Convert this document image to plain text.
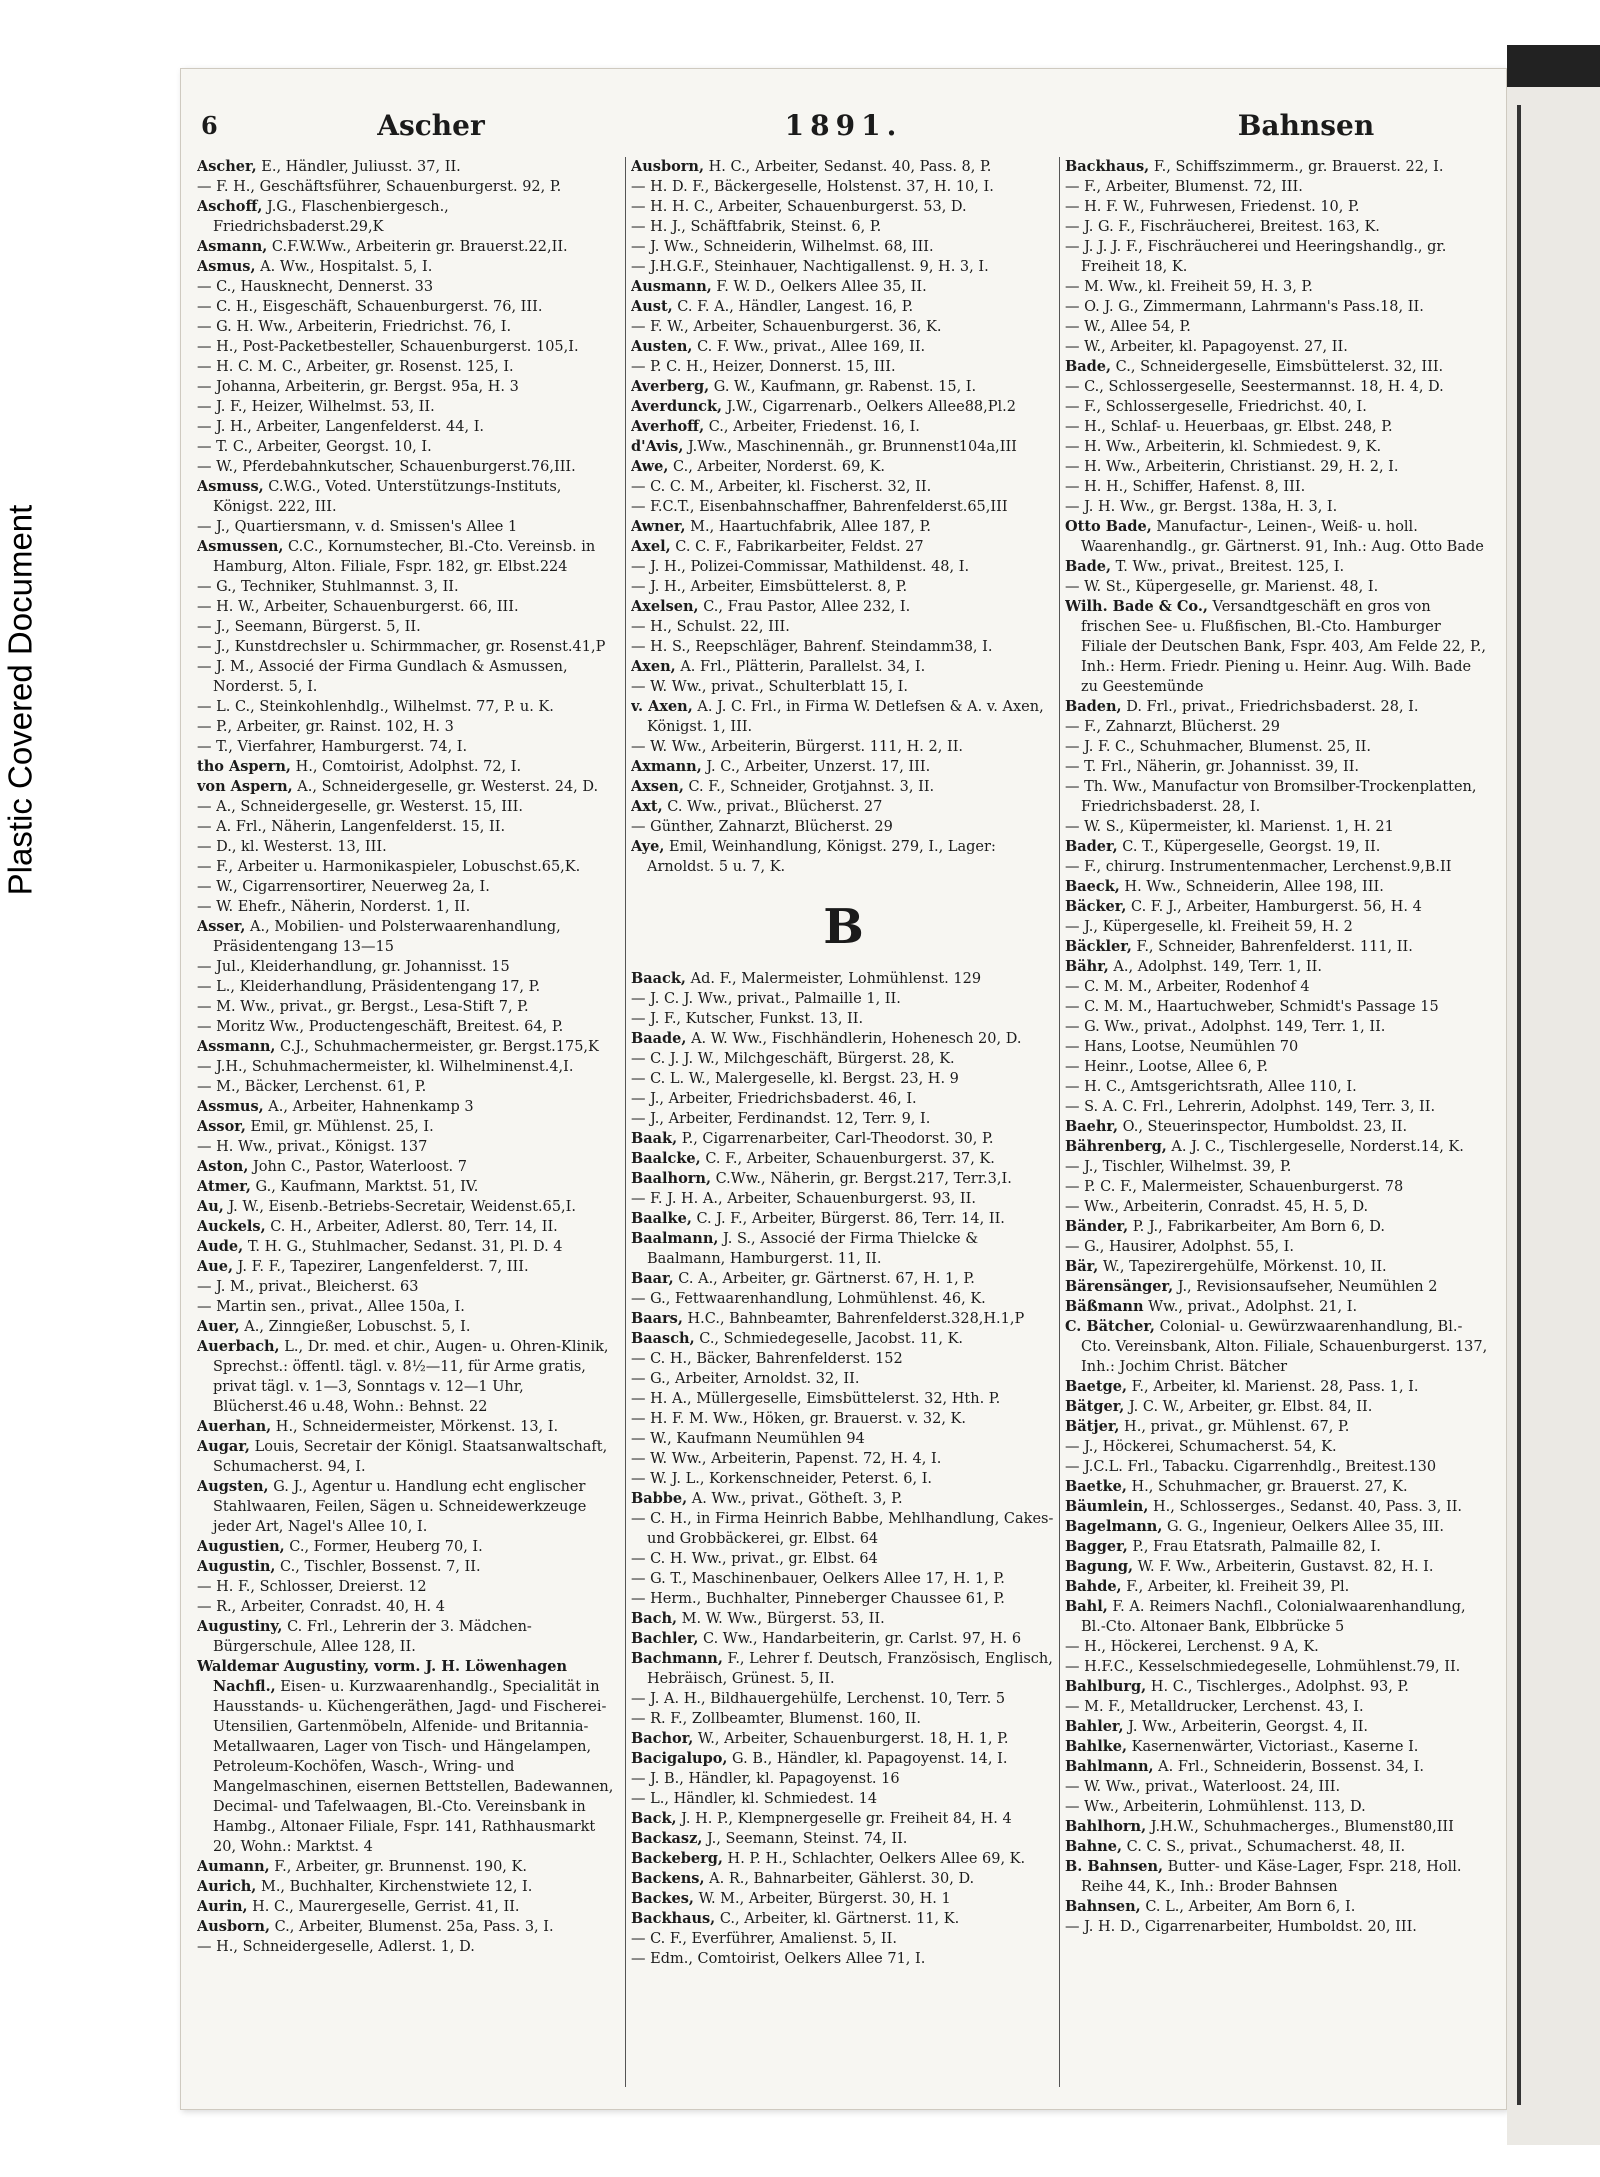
Plastic Covered Document
6	Ascher	1891.	Bahnsen
Ascher, E., Händler, Juliusst. 37, II.
— F. H., Geschäftsführer, Schauenburgerst. 92, P.
Aschoff, J.G., Flaschenbiergesch., Friedrichsbaderst.29,K
Asmann, C.F.W.Ww., Arbeiterin gr. Brauerst.22,II.
Asmus, A. Ww., Hospitalst. 5, I.
— C., Hausknecht, Dennerst. 33
— C. H., Eisgeschäft, Schauenburgerst. 76, III.
— G. H. Ww., Arbeiterin, Friedrichst. 76, I.
— H., Post-Packetbesteller, Schauenburgerst. 105,I.
— H. C. M. C., Arbeiter, gr. Rosenst. 125, I.
— Johanna, Arbeiterin, gr. Bergst. 95a, H. 3
— J. F., Heizer, Wilhelmst. 53, II.
— J. H., Arbeiter, Langenfelderst. 44, I.
— T. C., Arbeiter, Georgst. 10, I.
— W., Pferdebahnkutscher, Schauenburgerst.76,III.
Asmuss, C.W.G., Voted. Unterstützungs-Instituts, Königst. 222, III.
— J., Quartiersmann, v. d. Smissen's Allee 1
Asmussen, C.C., Kornumstecher, Bl.-Cto. Vereinsb. in Hamburg, Alton. Filiale, Fspr. 182, gr. Elbst.224
— G., Techniker, Stuhlmannst. 3, II.
— H. W., Arbeiter, Schauenburgerst. 66, III.
— J., Seemann, Bürgerst. 5, II.
— J., Kunstdrechsler u. Schirmmacher, gr. Rosenst.41,P
— J. M., Associé der Firma Gundlach & Asmussen, Norderst. 5, I.
— L. C., Steinkohlenhdlg., Wilhelmst. 77, P. u. K.
— P., Arbeiter, gr. Rainst. 102, H. 3
— T., Vierfahrer, Hamburgerst. 74, I.
tho Aspern, H., Comtoirist, Adolphst. 72, I.
von Aspern, A., Schneidergeselle, gr. Westerst. 24, D.
— A., Schneidergeselle, gr. Westerst. 15, III.
— A. Frl., Näherin, Langenfelderst. 15, II.
— D., kl. Westerst. 13, III.
— F., Arbeiter u. Harmonikaspieler, Lobuschst.65,K.
— W., Cigarrensortirer, Neuerweg 2a, I.
— W. Ehefr., Näherin, Norderst. 1, II.
Asser, A., Mobilien- und Polsterwaarenhandlung, Präsidentengang 13—15
— Jul., Kleiderhandlung, gr. Johannisst. 15
— L., Kleiderhandlung, Präsidentengang 17, P.
— M. Ww., privat., gr. Bergst., Lesa-Stift 7, P.
— Moritz Ww., Productengeschäft, Breitest. 64, P.
Assmann, C.J., Schuhmachermeister, gr. Bergst.175,K
— J.H., Schuhmachermeister, kl. Wilhelminenst.4,I.
— M., Bäcker, Lerchenst. 61, P.
Assmus, A., Arbeiter, Hahnenkamp 3
Assor, Emil, gr. Mühlenst. 25, I.
— H. Ww., privat., Königst. 137
Aston, John C., Pastor, Waterloost. 7
Atmer, G., Kaufmann, Marktst. 51, IV.
Au, J. W., Eisenb.-Betriebs-Secretair, Weidenst.65,I.
Auckels, C. H., Arbeiter, Adlerst. 80, Terr. 14, II.
Aude, T. H. G., Stuhlmacher, Sedanst. 31, Pl. D. 4
Aue, J. F. F., Tapezirer, Langenfelderst. 7, III.
— J. M., privat., Bleicherst. 63
— Martin sen., privat., Allee 150a, I.
Auer, A., Zinngießer, Lobuschst. 5, I.
Auerbach, L., Dr. med. et chir., Augen- u. Ohren-Klinik, Sprechst.: öffentl. tägl. v. 8½—11, für Arme gratis, privat tägl. v. 1—3, Sonntags v. 12—1 Uhr, Blücherst.46 u.48, Wohn.: Behnst. 22
Auerhan, H., Schneidermeister, Mörkenst. 13, I.
Augar, Louis, Secretair der Königl. Staatsanwaltschaft, Schumacherst. 94, I.
Augsten, G. J., Agentur u. Handlung echt englischer Stahlwaaren, Feilen, Sägen u. Schneidewerkzeuge jeder Art, Nagel's Allee 10, I.
Augustien, C., Former, Heuberg 70, I.
Augustin, C., Tischler, Bossenst. 7, II.
— H. F., Schlosser, Dreierst. 12
— R., Arbeiter, Conradst. 40, H. 4
Augustiny, C. Frl., Lehrerin der 3. Mädchen-Bürgerschule, Allee 128, II.
Waldemar Augustiny, vorm. J. H. Löwenhagen Nachfl., Eisen- u. Kurzwaarenhandlg., Specialität in Hausstands- u. Küchengeräthen, Jagd- und Fischerei-Utensilien, Gartenmöbeln, Alfenide- und Britannia-Metallwaaren, Lager von Tisch- und Hängelampen, Petroleum-Kochöfen, Wasch-, Wring- und Mangelmaschinen, eisernen Bettstellen, Badewannen, Decimal- und Tafelwaagen, Bl.-Cto. Vereinsbank in Hambg., Altonaer Filiale, Fspr. 141, Rathhausmarkt 20, Wohn.: Marktst. 4
Aumann, F., Arbeiter, gr. Brunnenst. 190, K.
Aurich, M., Buchhalter, Kirchenstwiete 12, I.
Aurin, H. C., Maurergeselle, Gerrist. 41, II.
Ausborn, C., Arbeiter, Blumenst. 25a, Pass. 3, I.
— H., Schneidergeselle, Adlerst. 1, D.
Ausborn, H. C., Arbeiter, Sedanst. 40, Pass. 8, P.
— H. D. F., Bäckergeselle, Holstenst. 37, H. 10, I.
— H. H. C., Arbeiter, Schauenburgerst. 53, D.
— H. J., Schäftfabrik, Steinst. 6, P.
— J. Ww., Schneiderin, Wilhelmst. 68, III.
— J.H.G.F., Steinhauer, Nachtigallenst. 9, H. 3, I.
Ausmann, F. W. D., Oelkers Allee 35, II.
Aust, C. F. A., Händler, Langest. 16, P.
— F. W., Arbeiter, Schauenburgerst. 36, K.
Austen, C. F. Ww., privat., Allee 169, II.
— P. C. H., Heizer, Donnerst. 15, III.
Averberg, G. W., Kaufmann, gr. Rabenst. 15, I.
Averdunck, J.W., Cigarrenarb., Oelkers Allee88,Pl.2
Averhoff, C., Arbeiter, Friedenst. 16, I.
d'Avis, J.Ww., Maschinennäh., gr. Brunnenst104a,III
Awe, C., Arbeiter, Norderst. 69, K.
— C. C. M., Arbeiter, kl. Fischerst. 32, II.
— F.C.T., Eisenbahnschaffner, Bahrenfelderst.65,III
Awner, M., Haartuchfabrik, Allee 187, P.
Axel, C. C. F., Fabrikarbeiter, Feldst. 27
— J. H., Polizei-Commissar, Mathildenst. 48, I.
— J. H., Arbeiter, Eimsbüttelerst. 8, P.
Axelsen, C., Frau Pastor, Allee 232, I.
— H., Schulst. 22, III.
— H. S., Reepschläger, Bahrenf. Steindamm38, I.
Axen, A. Frl., Plätterin, Parallelst. 34, I.
— W. Ww., privat., Schulterblatt 15, I.
v. Axen, A. J. C. Frl., in Firma W. Detlefsen & A. v. Axen, Königst. 1, III.
— W. Ww., Arbeiterin, Bürgerst. 111, H. 2, II.
Axmann, J. C., Arbeiter, Unzerst. 17, III.
Axsen, C. F., Schneider, Grotjahnst. 3, II.
Axt, C. Ww., privat., Blücherst. 27
— Günther, Zahnarzt, Blücherst. 29
Aye, Emil, Weinhandlung, Königst. 279, I., Lager: Arnoldst. 5 u. 7, K.
B
Baack, Ad. F., Malermeister, Lohmühlenst. 129
— J. C. J. Ww., privat., Palmaille 1, II.
— J. F., Kutscher, Funkst. 13, II.
Baade, A. W. Ww., Fischhändlerin, Hohenesch 20, D.
— C. J. J. W., Milchgeschäft, Bürgerst. 28, K.
— C. L. W., Malergeselle, kl. Bergst. 23, H. 9
— J., Arbeiter, Friedrichsbaderst. 46, I.
— J., Arbeiter, Ferdinandst. 12, Terr. 9, I.
Baak, P., Cigarrenarbeiter, Carl-Theodorst. 30, P.
Baalcke, C. F., Arbeiter, Schauenburgerst. 37, K.
Baalhorn, C.Ww., Näherin, gr. Bergst.217, Terr.3,I.
— F. J. H. A., Arbeiter, Schauenburgerst. 93, II.
Baalke, C. J. F., Arbeiter, Bürgerst. 86, Terr. 14, II.
Baalmann, J. S., Associé der Firma Thielcke & Baalmann, Hamburgerst. 11, II.
Baar, C. A., Arbeiter, gr. Gärtnerst. 67, H. 1, P.
— G., Fettwaarenhandlung, Lohmühlenst. 46, K.
Baars, H.C., Bahnbeamter, Bahrenfelderst.328,H.1,P
Baasch, C., Schmiedegeselle, Jacobst. 11, K.
— C. H., Bäcker, Bahrenfelderst. 152
— G., Arbeiter, Arnoldst. 32, II.
— H. A., Müllergeselle, Eimsbüttelerst. 32, Hth. P.
— H. F. M. Ww., Höken, gr. Brauerst. v. 32, K.
— W., Kaufmann Neumühlen 94
— W. Ww., Arbeiterin, Papenst. 72, H. 4, I.
— W. J. L., Korkenschneider, Peterst. 6, I.
Babbe, A. Ww., privat., Götheſt. 3, P.
— C. H., in Firma Heinrich Babbe, Mehlhandlung, Cakes- und Grobbäckerei, gr. Elbst. 64
— C. H. Ww., privat., gr. Elbst. 64
— G. T., Maschinenbauer, Oelkers Allee 17, H. 1, P.
— Herm., Buchhalter, Pinneberger Chaussee 61, P.
Bach, M. W. Ww., Bürgerst. 53, II.
Bachler, C. Ww., Handarbeiterin, gr. Carlst. 97, H. 6
Bachmann, F., Lehrer f. Deutsch, Französisch, Englisch, Hebräisch, Grünest. 5, II.
— J. A. H., Bildhauergehülfe, Lerchenst. 10, Terr. 5
— R. F., Zollbeamter, Blumenst. 160, II.
Bachor, W., Arbeiter, Schauenburgerst. 18, H. 1, P.
Bacigalupo, G. B., Händler, kl. Papagoyenst. 14, I.
— J. B., Händler, kl. Papagoyenst. 16
— L., Händler, kl. Schmiedest. 14
Back, J. H. P., Klempnergeselle gr. Freiheit 84, H. 4
Backasz, J., Seemann, Steinst. 74, II.
Backeberg, H. P. H., Schlachter, Oelkers Allee 69, K.
Backens, A. R., Bahnarbeiter, Gählerst. 30, D.
Backes, W. M., Arbeiter, Bürgerst. 30, H. 1
Backhaus, C., Arbeiter, kl. Gärtnerst. 11, K.
— C. F., Everführer, Amalienst. 5, II.
— Edm., Comtoirist, Oelkers Allee 71, I.
Backhaus, F., Schiffszimmerm., gr. Brauerst. 22, I.
— F., Arbeiter, Blumenst. 72, III.
— H. F. W., Fuhrwesen, Friedenst. 10, P.
— J. G. F., Fischräucherei, Breitest. 163, K.
— J. J. J. F., Fischräucherei und Heeringshandlg., gr. Freiheit 18, K.
— M. Ww., kl. Freiheit 59, H. 3, P.
— O. J. G., Zimmermann, Lahrmann's Pass.18, II.
— W., Allee 54, P.
— W., Arbeiter, kl. Papagoyenst. 27, II.
Bade, C., Schneidergeselle, Eimsbüttelerst. 32, III.
— C., Schlossergeselle, Seestermannst. 18, H. 4, D.
— F., Schlossergeselle, Friedrichst. 40, I.
— H., Schlaf- u. Heuerbaas, gr. Elbst. 248, P.
— H. Ww., Arbeiterin, kl. Schmiedest. 9, K.
— H. Ww., Arbeiterin, Christianst. 29, H. 2, I.
— H. H., Schiffer, Hafenst. 8, III.
— J. H. Ww., gr. Bergst. 138a, H. 3, I.
Otto Bade, Manufactur-, Leinen-, Weiß- u. holl. Waarenhandlg., gr. Gärtnerst. 91, Inh.: Aug. Otto Bade
Bade, T. Ww., privat., Breitest. 125, I.
— W. St., Küpergeselle, gr. Marienst. 48, I.
Wilh. Bade & Co., Versandtgeschäft en gros von frischen See- u. Flußfischen, Bl.-Cto. Hamburger Filiale der Deutschen Bank, Fspr. 403, Am Felde 22, P., Inh.: Herm. Friedr. Piening u. Heinr. Aug. Wilh. Bade zu Geestemünde
Baden, D. Frl., privat., Friedrichsbaderst. 28, I.
— F., Zahnarzt, Blücherst. 29
— J. F. C., Schuhmacher, Blumenst. 25, II.
— T. Frl., Näherin, gr. Johannisst. 39, II.
— Th. Ww., Manufactur von Bromsilber-Trockenplatten, Friedrichsbaderst. 28, I.
— W. S., Küpermeister, kl. Marienst. 1, H. 21
Bader, C. T., Küpergeselle, Georgst. 19, II.
— F., chirurg. Instrumentenmacher, Lerchenst.9,B.II
Baeck, H. Ww., Schneiderin, Allee 198, III.
Bäcker, C. F. J., Arbeiter, Hamburgerst. 56, H. 4
— J., Küpergeselle, kl. Freiheit 59, H. 2
Bäckler, F., Schneider, Bahrenfelderst. 111, II.
Bähr, A., Adolphst. 149, Terr. 1, II.
— C. M. M., Arbeiter, Rodenhof 4
— C. M. M., Haartuchweber, Schmidt's Passage 15
— G. Ww., privat., Adolphst. 149, Terr. 1, II.
— Hans, Lootse, Neumühlen 70
— Heinr., Lootse, Allee 6, P.
— H. C., Amtsgerichtsrath, Allee 110, I.
— S. A. C. Frl., Lehrerin, Adolphst. 149, Terr. 3, II.
Baehr, O., Steuerinspector, Humboldst. 23, II.
Bährenberg, A. J. C., Tischlergeselle, Norderst.14, K.
— J., Tischler, Wilhelmst. 39, P.
— P. C. F., Malermeister, Schauenburgerst. 78
— Ww., Arbeiterin, Conradst. 45, H. 5, D.
Bänder, P. J., Fabrikarbeiter, Am Born 6, D.
— G., Hausirer, Adolphst. 55, I.
Bär, W., Tapezirergehülfe, Mörkenst. 10, II.
Bärensänger, J., Revisionsaufseher, Neumühlen 2
Bäßmann Ww., privat., Adolphst. 21, I.
C. Bätcher, Colonial- u. Gewürzwaarenhandlung, Bl.-Cto. Vereinsbank, Alton. Filiale, Schauenburgerst. 137, Inh.: Jochim Christ. Bätcher
Baetge, F., Arbeiter, kl. Marienst. 28, Pass. 1, I.
Bätger, J. C. W., Arbeiter, gr. Elbst. 84, II.
Bätjer, H., privat., gr. Mühlenst. 67, P.
— J., Höckerei, Schumacherst. 54, K.
— J.C.L. Frl., Tabacku. Cigarrenhdlg., Breitest.130
Baetke, H., Schuhmacher, gr. Brauerst. 27, K.
Bäumlein, H., Schlosserges., Sedanst. 40, Pass. 3, II.
Bagelmann, G. G., Ingenieur, Oelkers Allee 35, III.
Bagger, P., Frau Etatsrath, Palmaille 82, I.
Bagung, W. F. Ww., Arbeiterin, Gustavst. 82, H. I.
Bahde, F., Arbeiter, kl. Freiheit 39, Pl.
Bahl, F. A. Reimers Nachfl., Colonialwaarenhandlung, Bl.-Cto. Altonaer Bank, Elbbrücke 5
— H., Höckerei, Lerchenst. 9 A, K.
— H.F.C., Kesselschmiedegeselle, Lohmühlenst.79, II.
Bahlburg, H. C., Tischlerges., Adolphst. 93, P.
— M. F., Metalldrucker, Lerchenst. 43, I.
Bahler, J. Ww., Arbeiterin, Georgst. 4, II.
Bahlke, Kasernenwärter, Victoriast., Kaserne I.
Bahlmann, A. Frl., Schneiderin, Bossenst. 34, I.
— W. Ww., privat., Waterloost. 24, III.
— Ww., Arbeiterin, Lohmühlenst. 113, D.
Bahlhorn, J.H.W., Schuhmacherges., Blumenst80,III
Bahne, C. C. S., privat., Schumacherst. 48, II.
B. Bahnsen, Butter- und Käse-Lager, Fspr. 218, Holl. Reihe 44, K., Inh.: Broder Bahnsen
Bahnsen, C. L., Arbeiter, Am Born 6, I.
— J. H. D., Cigarrenarbeiter, Humboldst. 20, III.
